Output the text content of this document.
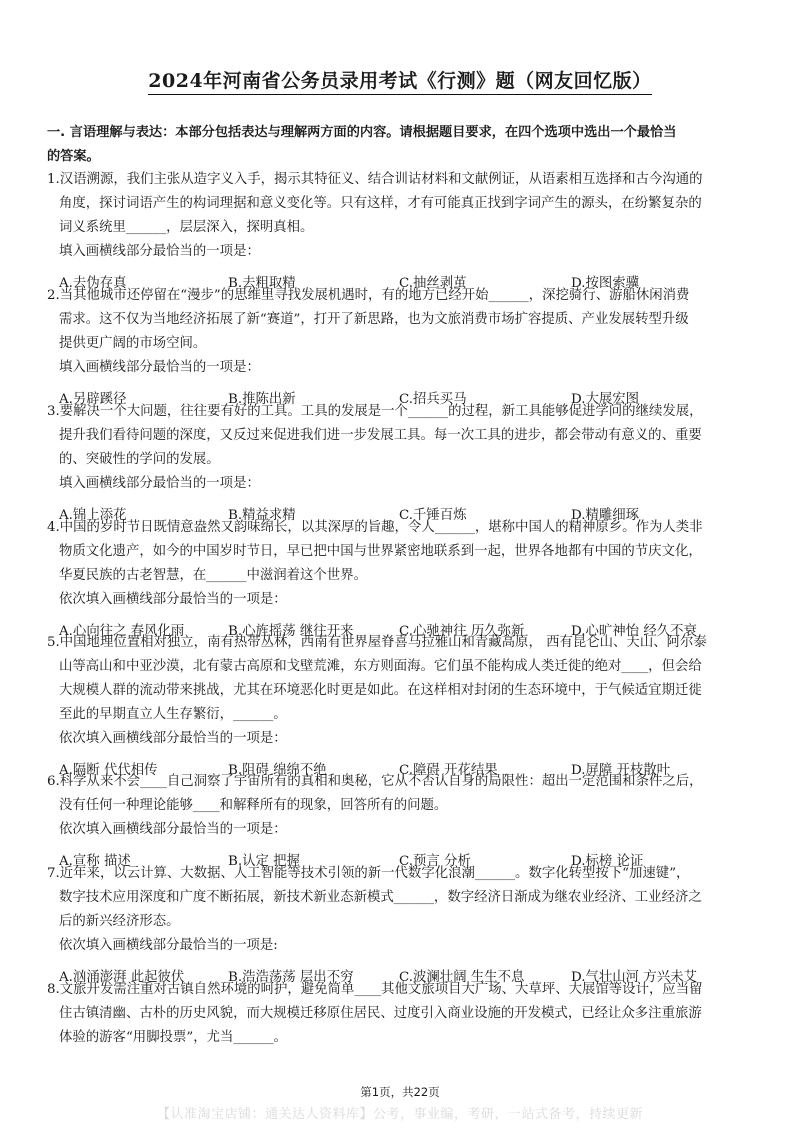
2024年河南省公务员录用考试《行测》题（网友回忆版）
一. 言语理解与表达：本部分包括表达与理解两方面的内容。请根据题目要求，在四个选项中选出一个最恰当
的答案。
1.汉语溯源，我们主张从造字义入手，揭示其特征义、结合训诂材料和文献例证，从语素相互选择和古今沟通的
角度，探讨词语产生的构词理据和意义变化等。只有这样，才有可能真正找到字词产生的源头，在纷繁复杂的
词义系统里______，层层深入，探明真相。
填入画横线部分最恰当的一项是：
A.去伪存真	B.去粗取精	C.抽丝剥茧	D.按图索骥
2.当其他城市还停留在“漫步”的思维里寻找发展机遇时，有的地方已经开始______，深挖骑行、游船休闲消费
需求。这不仅为当地经济拓展了新“赛道”，打开了新思路，也为文旅消费市场扩容提质、产业发展转型升级
提供更广阔的市场空间。
填入画横线部分最恰当的一项是：
A.另辟蹊径	B.推陈出新	C.招兵买马	D.大展宏图
3.要解决一个大问题，往往要有好的工具。工具的发展是一个______的过程，新工具能够促进学问的继续发展，
提升我们看待问题的深度，又反过来促进我们进一步发展工具。每一次工具的进步，都会带动有意义的、重要
的、突破性的学问的发展。
填入画横线部分最恰当的一项是：
A.锦上添花	B.精益求精	C.千锤百炼	D.精雕细琢
4.中国的岁时节日既情意盎然又韵味绵长，以其深厚的旨趣，令人______，堪称中国人的精神原乡。作为人类非
物质文化遗产，如今的中国岁时节日，早已把中国与世界紧密地联系到一起，世界各地都有中国的节庆文化，
华夏民族的古老智慧，在______中滋润着这个世界。
依次填入画横线部分最恰当的一项是：
A.心向往之 春风化雨	B.心旌摇荡 继往开来	C.心驰神往 历久弥新	D.心旷神怡 经久不衰
5.中国地理位置相对独立，南有热带丛林，西南有世界屋脊喜马拉雅山和青藏高原， 西有昆仑山、天山、阿尔泰
山等高山和中亚沙漠，北有蒙古高原和戈壁荒滩，东方则面海。它们虽不能构成人类迁徙的绝对____，但会给
大规模人群的流动带来挑战，尤其在环境恶化时更是如此。在这样相对封闭的生态环境中，于气候适宜期迁徙
至此的早期直立人生存繁衍，______。
依次填入画横线部分最恰当的一项是：
A.隔断 代代相传	B.阻碍 绵绵不绝	C.障碍 开花结果	D.屏障 开枝散叶
6.科学从来不会____自己洞察了宇宙所有的真相和奥秘，它从不否认自身的局限性：超出一定范围和条件之后，
没有任何一种理论能够____和解释所有的现象，回答所有的问题。
依次填入画横线部分最恰当的一项是：
A.宣称 描述	B.认定 把握	C.预言 分析	D.标榜 论证
7.近年来，以云计算、大数据、人工智能等技术引领的新一代数字化浪潮______。数字化转型按下“加速键”，
数字技术应用深度和广度不断拓展，新技术新业态新模式______，数字经济日渐成为继农业经济、工业经济之
后的新兴经济形态。
依次填入画横线部分最恰当的一项是:
A.汹涌澎湃 此起彼伏	B.浩浩荡荡 层出不穷	C.波澜壮阔 生生不息	D.气壮山河 方兴未艾
8.文旅开发需注重对古镇自然环境的呵护，避免简单____其他文旅项目大广场、大草坪、大展馆等设计，应当留
住古镇清幽、古朴的历史风貌，而大规模迁移原住居民、过度引入商业设施的开发模式，已经让众多注重旅游
体验的游客“用脚投票”，尤当______。
第1页，共22页
【认准淘宝店铺：通关达人资料库】公考，事业编，考研，一站式备考，持续更新
